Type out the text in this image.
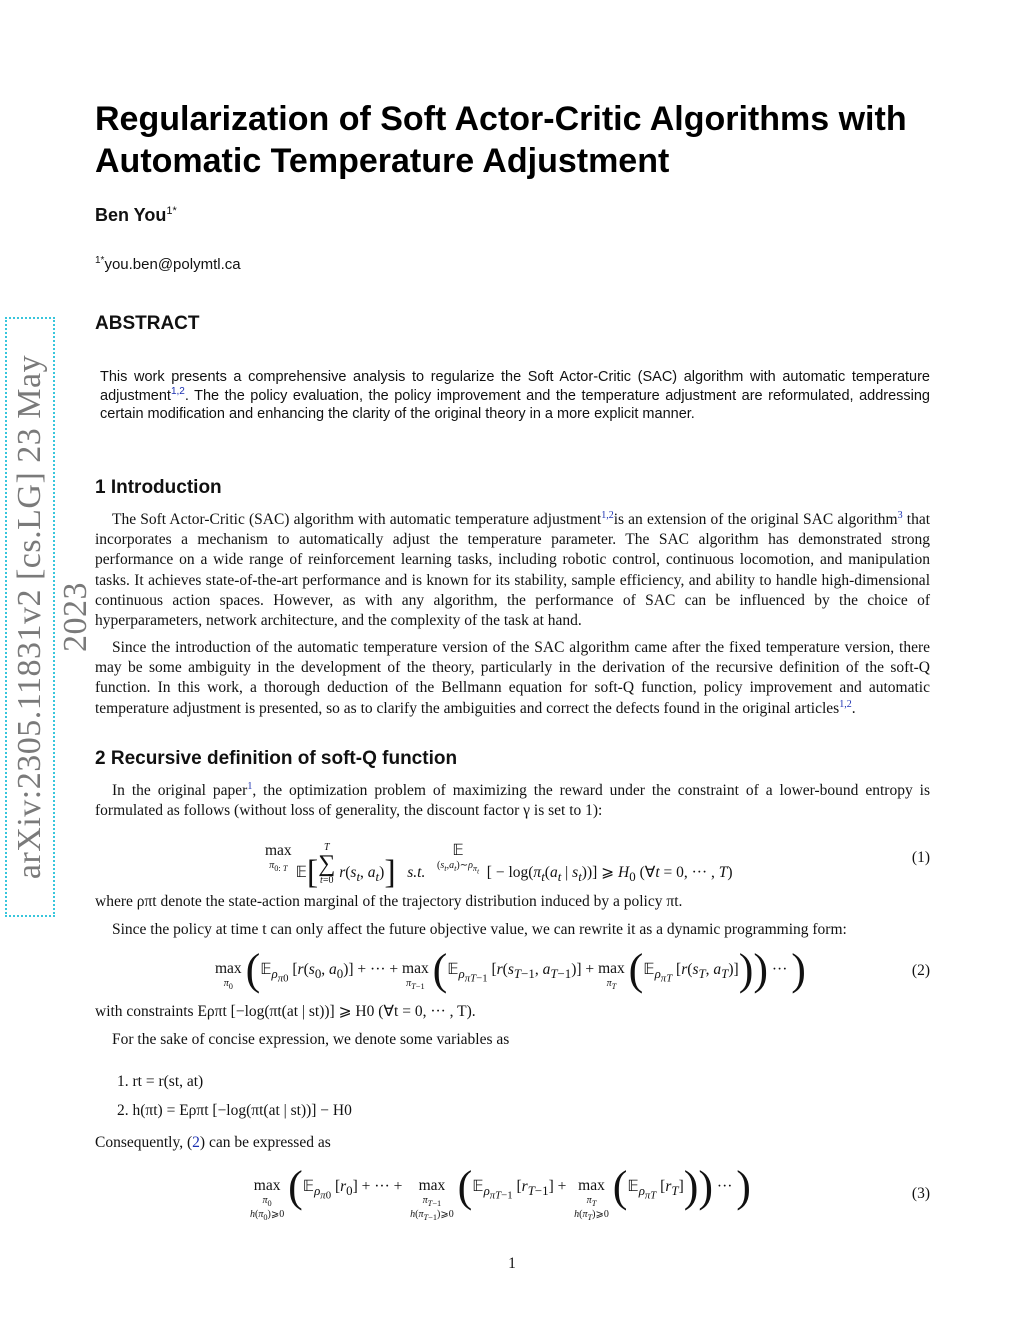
arXiv:2305.11831v2 [cs.LG] 23 May 2023
Regularization of Soft Actor-Critic Algorithms with Automatic Temperature Adjustment
Ben You$^{1*}$
$^{1*}$you.ben@polymtl.ca
ABSTRACT
This work presents a comprehensive analysis to regularize the Soft Actor-Critic (SAC) algorithm with automatic temperature adjustment$^{1,2}$. The the policy evaluation, the policy improvement and the temperature adjustment are reformulated, addressing certain modification and enhancing the clarity of the original theory in a more explicit manner.
1 Introduction
The Soft Actor-Critic (SAC) algorithm with automatic temperature adjustment$^{1,2}$is an extension of the original SAC algorithm$^3$ that incorporates a mechanism to automatically adjust the temperature parameter. The SAC algorithm has demonstrated strong performance on a wide range of reinforcement learning tasks, including robotic control, continuous locomotion, and manipulation tasks. It achieves state-of-the-art performance and is known for its stability, sample efficiency, and ability to handle high-dimensional continuous action spaces. However, as with any algorithm, the performance of SAC can be influenced by the choice of hyperparameters, network architecture, and the complexity of the task at hand.
Since the introduction of the automatic temperature version of the SAC algorithm came after the fixed temperature version, there may be some ambiguity in the development of the theory, particularly in the derivation of the recursive definition of the soft-Q function. In this work, a thorough deduction of the Bellmann equation for soft-Q function, policy improvement and automatic temperature adjustment is presented, so as to clarify the ambiguities and correct the defects found in the original articles$^{1,2}$.
2 Recursive definition of soft-Q function
In the original paper$^1$, the optimization problem of maximizing the reward under the constraint of a lower-bound entropy is formulated as follows (without loss of generality, the discount factor γ is set to 1):
max
$\pi_{0: T}$ 𝔼[
T
∑
t=0 $r(s_t$, $a_t$)] s.t.
𝔼
$(s_t,a_t)\sim\rho_{\pi_t}$ [ − $\log(\pi_t(a_t$ | $s_t$))] ⩾ $H_0$ (∀t = 0, ··· , T)
(1)
where ρπt denote the state-action marginal of the trajectory distribution induced by a policy πt.
Since the policy at time t can only affect the future objective value, we can rewrite it as a dynamic programming form:
max
$\pi_0$ (𝔼$_{\rho_{\pi 0}}$ [$r(s_0$, $a_0$)] + ··· + max
$\pi_{T-1}$ (𝔼$_{\rho_{\pi T-1}}$ [$r(s_{T-1}$, $a_{T-1})] + \max$
$\pi_T$ (𝔼$_{\rho_{\pi T}}$ [$r(s_T$, $a_T$)])) ··· )	(2)
with constraints Eρπt [−log(πt(at | st))] ⩾ H0 (∀t = 0, ··· , T).
For the sake of concise expression, we denote some variables as
1. rt = r(st, at)
2. h(πt) = Eρπt [−log(πt(at | st))] − H0
Consequently, (2) can be expressed as
max
$\pi_0$
$h(\pi_0)⩾0$
(𝔼$_{\rho_{\pi 0}}$ $[r_0]$ + ··· + max
$\pi_{T-1}$
$h(\pi_{T-1})⩾0$
(𝔼$_{\rho_{\pi T-1}}$ $[r_{T-1}] + \max$
$\pi_T$
$h(\pi_T)⩾0$
(𝔼$_{\rho_{\pi T}}$ $[r_T]$)) ··· )	(3)
1
